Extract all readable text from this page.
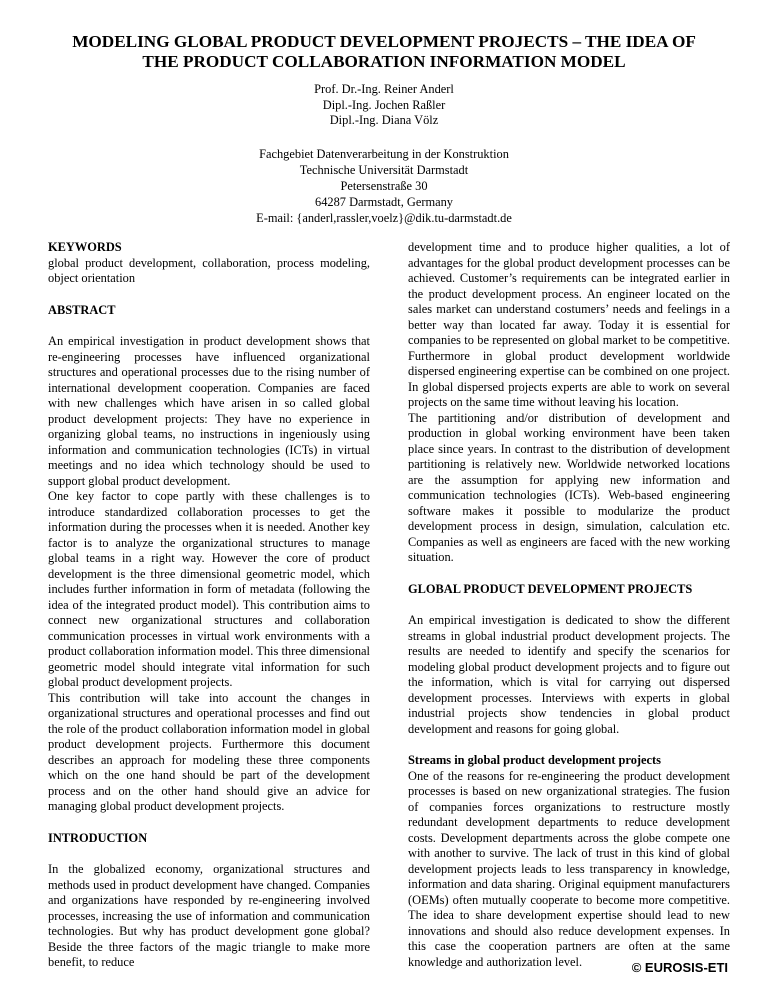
MODELING GLOBAL PRODUCT DEVELOPMENT PROJECTS – THE IDEA OF
THE PRODUCT COLLABORATION INFORMATION MODEL
Prof. Dr.-Ing. Reiner Anderl
Dipl.-Ing. Jochen Raßler
Dipl.-Ing. Diana Völz
Fachgebiet Datenverarbeitung in der Konstruktion
Technische Universität Darmstadt
Petersenstraße 30
64287 Darmstadt, Germany
E-mail: {anderl,rassler,voelz}@dik.tu-darmstadt.de

KEYWORDS

global product development, collaboration, process modeling, object orientation

ABSTRACT

An empirical investigation in product development shows that re-engineering processes have influenced organizational structures and operational processes due to the rising number of international development cooperation. Companies are faced with new challenges which have arisen in so called global product development projects: They have no experience in organizing global teams, no instructions in ingeniously using information and communication technologies (ICTs) in virtual meetings and no idea which technology should be used to support global product development.

One key factor to cope partly with these challenges is to introduce standardized collaboration processes to get the information during the processes when it is needed. Another key factor is to analyze the organizational structures to manage global teams in a right way. However the core of product development is the three dimensional geometric model, which includes further information in form of metadata (following the idea of the integrated product model). This contribution aims to connect new organizational structures and collaboration communication processes in virtual work environments with a product collaboration information model. This three dimensional geometric model should integrate vital information for such global product development projects.

This contribution will take into account the changes in organizational structures and operational processes and find out the role of the product collaboration information model in global product development projects. Furthermore this document describes an approach for modeling these three components which on the one hand should be part of the development process and on the other hand should give an advice for managing global product development projects.

INTRODUCTION

In the globalized economy, organizational structures and methods used in product development have changed. Companies and organizations have responded by re-engineering involved processes, increasing the use of information and communication technologies. But why has product development gone global? Beside the three factors of the magic triangle to make more benefit, to reduce

development time and to produce higher qualities, a lot of advantages for the global product development processes can be achieved. Customer’s requirements can be integrated earlier in the product development process. An engineer located on the sales market can understand costumers’ needs and feelings in a better way than located far away. Today it is essential for companies to be represented on global market to be competitive. Furthermore in global product development worldwide dispersed engineering expertise can be combined on one project. In global dispersed projects experts are able to work on several projects on the same time without leaving his location.

The partitioning and/or distribution of development and production in global working environment have been taken place since years. In contrast to the distribution of development partitioning is relatively new. Worldwide networked locations are the assumption for applying new information and communication technologies (ICTs). Web-based engineering software makes it possible to modularize the product development process in design, simulation, calculation etc. Companies as well as engineers are faced with the new working situation.

GLOBAL PRODUCT DEVELOPMENT PROJECTS

An empirical investigation is dedicated to show the different streams in global industrial product development projects. The results are needed to identify and specify the scenarios for modeling global product development projects and to figure out the information, which is vital for carrying out dispersed development processes. Interviews with experts in global industrial projects show tendencies in global product development and reasons for going global.

Streams in global product development projects

One of the reasons for re-engineering the product development processes is based on new organizational strategies. The fusion of companies forces organizations to restructure mostly redundant development departments to reduce development costs. Development departments across the globe compete one with another to survive. The lack of trust in this kind of global development projects leads to less transparency in knowledge, information and data sharing. Original equipment manufacturers (OEMs) often mutually cooperate to become more competitive. The idea to share development expertise should lead to new innovations and should also reduce development expenses. In this case the cooperation partners are often at the same knowledge and authorization level.	© EUROSIS-ETI
